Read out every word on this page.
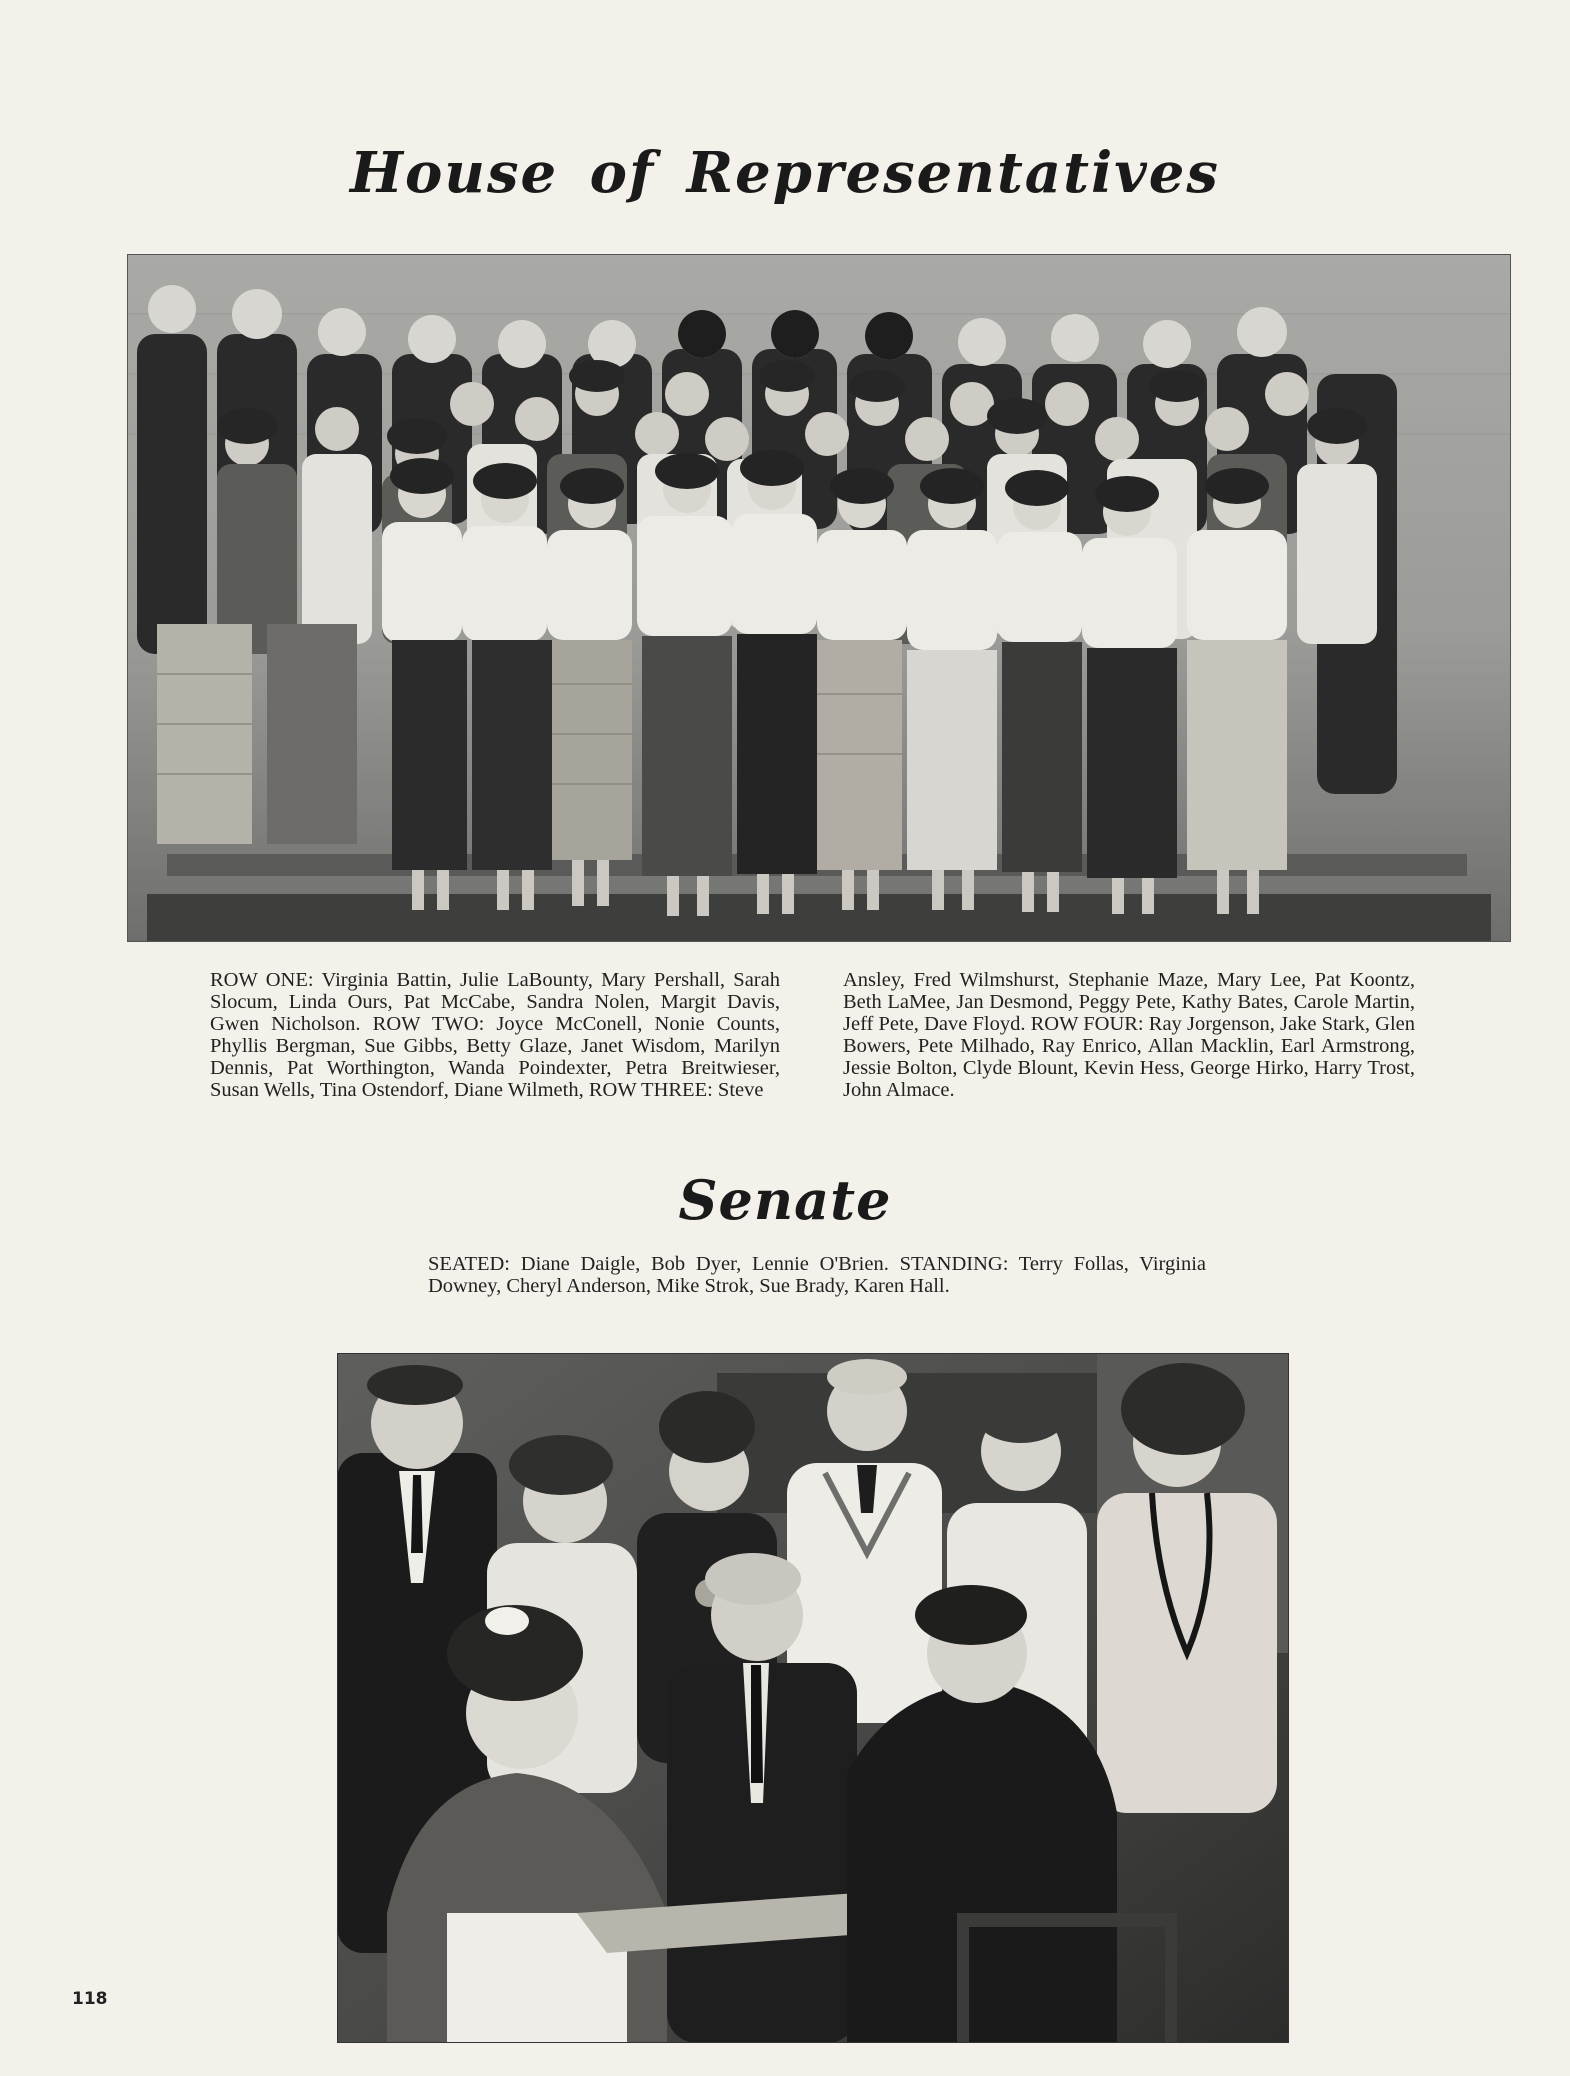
House of Representatives

ROW ONE: Virginia Battin, Julie LaBounty, Mary Pershall, Sarah Slocum, Linda Ours, Pat McCabe, Sandra Nolen, Margit Davis, Gwen Nicholson. ROW TWO: Joyce McConell, Nonie Counts, Phyllis Bergman, Sue Gibbs, Betty Glaze, Janet Wisdom, Marilyn Dennis, Pat Worthington, Wanda Poindexter, Petra Breitwieser, Susan Wells, Tina Ostendorf, Diane Wilmeth, ROW THREE: Steve

Ansley, Fred Wilmshurst, Stephanie Maze, Mary Lee, Pat Koontz, Beth LaMee, Jan Desmond, Peggy Pete, Kathy Bates, Carole Martin, Jeff Pete, Dave Floyd. ROW FOUR: Ray Jorgenson, Jake Stark, Glen Bowers, Pete Milhado, Ray Enrico, Allan Macklin, Earl Armstrong, Jessie Bolton, Clyde Blount, Kevin Hess, George Hirko, Harry Trost, John Almace.

Senate

SEATED: Diane Daigle, Bob Dyer, Lennie O'Brien. STANDING: Terry Follas, Virginia Downey, Cheryl Anderson, Mike Strok, Sue Brady, Karen Hall.

118
